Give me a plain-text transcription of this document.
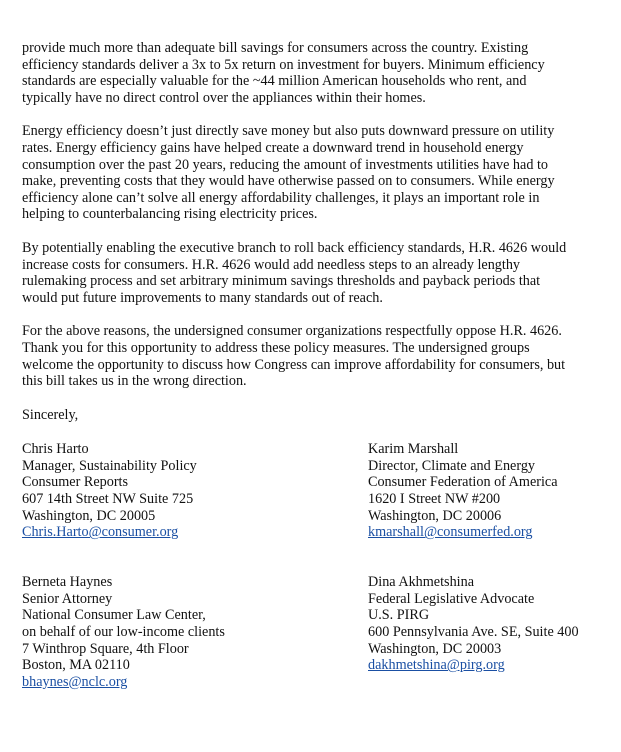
provide much more than adequate bill savings for consumers across the country. Existing
efficiency standards deliver a 3x to 5x return on investment for buyers. Minimum efficiency
standards are especially valuable for the ~44 million American households who rent, and
typically have no direct control over the appliances within their homes.

Energy efficiency doesn’t just directly save money but also puts downward pressure on utility
rates. Energy efficiency gains have helped create a downward trend in household energy
consumption over the past 20 years, reducing the amount of investments utilities have had to
make, preventing costs that they would have otherwise passed on to consumers. While energy
efficiency alone can’t solve all energy affordability challenges, it plays an important role in
helping to counterbalancing rising electricity prices.

By potentially enabling the executive branch to roll back efficiency standards, H.R. 4626 would
increase costs for consumers. H.R. 4626 would add needless steps to an already lengthy
rulemaking process and set arbitrary minimum savings thresholds and payback periods that
would put future improvements to many standards out of reach.

For the above reasons, the undersigned consumer organizations respectfully oppose H.R. 4626.
Thank you for this opportunity to address these policy measures. The undersigned groups
welcome the opportunity to discuss how Congress can improve affordability for consumers, but
this bill takes us in the wrong direction.

Sincerely,

Chris Harto
Manager, Sustainability Policy
Consumer Reports
607 14th Street NW Suite 725
Washington, DC 20005
Chris.Harto@consumer.org
Karim Marshall
Director, Climate and Energy
Consumer Federation of America
1620 I Street NW #200
Washington, DC 20006
kmarshall@consumerfed.org
Berneta Haynes
Senior Attorney
National Consumer Law Center,
on behalf of our low-income clients
7 Winthrop Square, 4th Floor
Boston, MA 02110
bhaynes@nclc.org
Dina Akhmetshina
Federal Legislative Advocate
U.S. PIRG
600 Pennsylvania Ave. SE, Suite 400
Washington, DC 20003
dakhmetshina@pirg.org
